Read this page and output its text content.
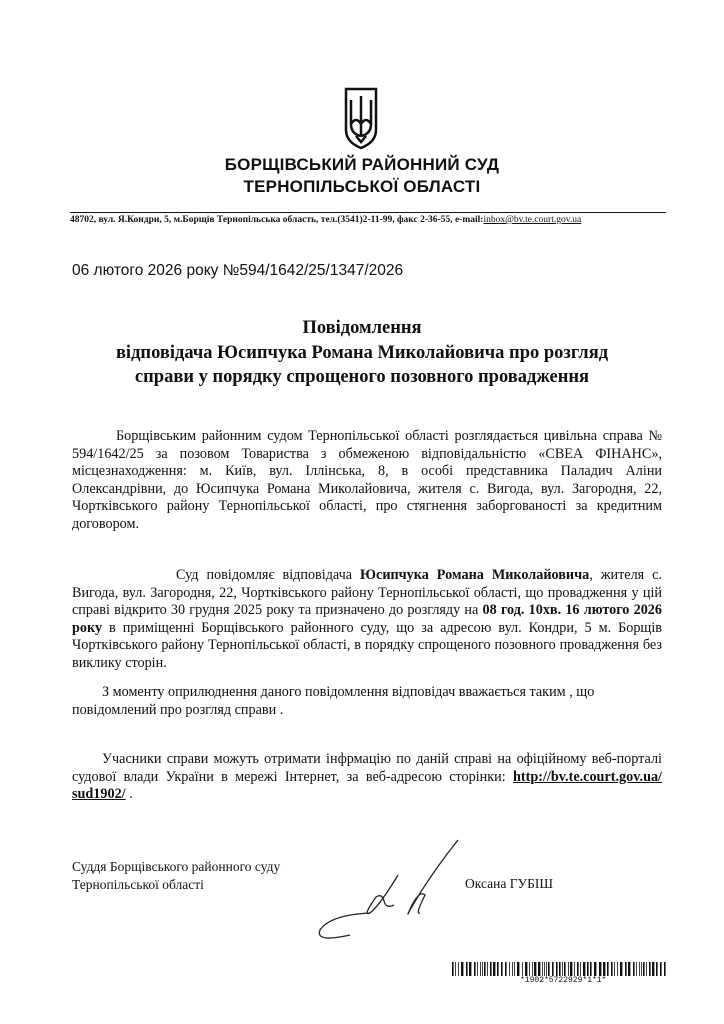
БОРЩІВСЬКИЙ РАЙОННИЙ СУД
ТЕРНОПІЛЬСЬКОЇ ОБЛАСТІ
48702, вул. Я.Кондри, 5, м.Борщів Тернопільська область, тел.(3541)2-11-99, факс 2-36-55, e-mail:inbox@bv.te.court.gov.ua
06 лютого 2026 року №594/1642/25/1347/2026
Повідомлення
відповідача Юсипчука Романа Миколайовича про розгляд
справи у порядку спрощеного позовного провадження
Борщівським районним судом Тернопільської області розглядається цивільна справа № 594/1642/25 за позовом Товариства з обмеженою відповідальністю «СВЕА ФІНАНС», місцезнаходження: м. Київ, вул. Іллінська, 8, в особі представника Паладич Аліни Олександрівни, до Юсипчука Романа Миколайовича, жителя с. Вигода, вул. Загородня, 22, Чортківського району Тернопільської області, про стягнення заборгованості за кредитним договором.
Суд повідомляє відповідача Юсипчука Романа Миколайовича, жителя с. Вигода, вул. Загородня, 22, Чортківського району Тернопільської області, що провадження у цій справі відкрито 30 грудня 2025 року та призначено до розгляду на 08 год. 10хв. 16 лютого 2026 року в приміщенні Борщівського районного суду, що за адресою вул. Кондри, 5 м. Борщів Чортківського району Тернопільської області, в порядку спрощеного позовного провадження без виклику сторін.
З моменту оприлюднення даного повідомлення відповідач вважається таким , що повідомлений про розгляд справи .
Учасники справи можуть отримати інфрмацію по даній справі на офіційному веб-порталі судової влади України в мережі Інтернет, за веб-адресою сторінки: http://bv.te.court.gov.ua/ sud1902/ .
Суддя Борщівського районного суду
Тернопільської області	Оксана ГУБІШ
*1902*5722929*1*1*
